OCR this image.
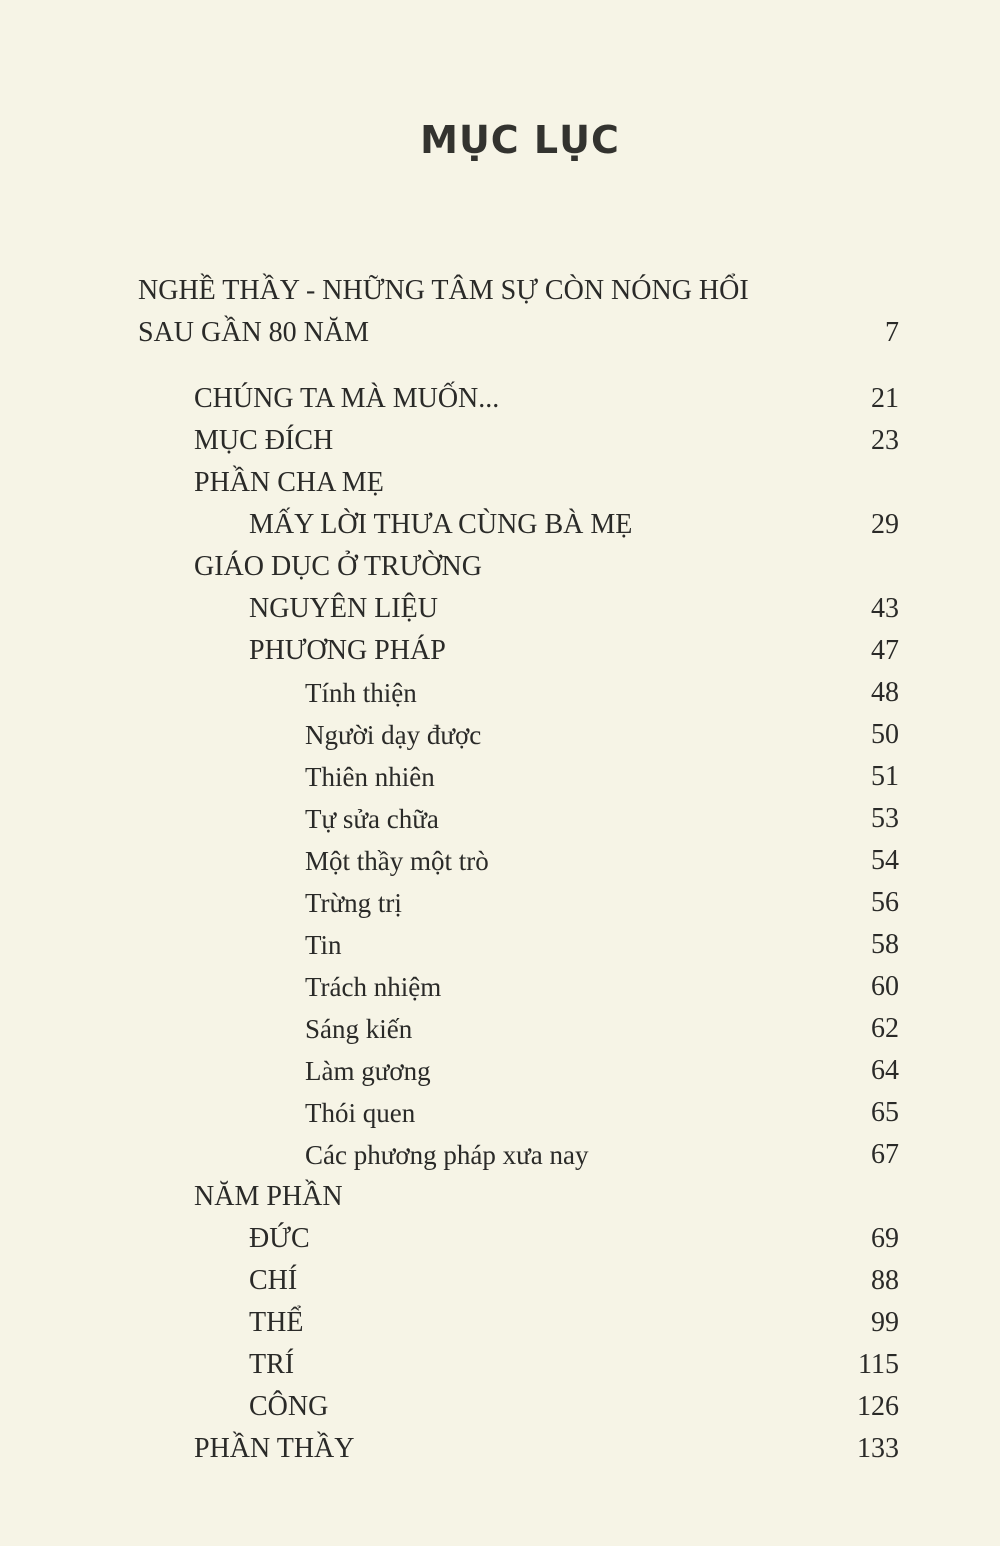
MỤC LỤC
NGHỀ THẦY - NHỮNG TÂM SỰ CÒN NÓNG HỔI
SAU GẦN 80 NĂM	7
CHÚNG TA MÀ MUỐN...	21
MỤC ĐÍCH	23
PHẦN CHA MẸ
MẤY LỜI THƯA CÙNG BÀ MẸ	29
GIÁO DỤC Ở TRƯỜNG
NGUYÊN LIỆU	43
PHƯƠNG PHÁP	47
Tính thiện	48
Người dạy được	50
Thiên nhiên	51
Tự sửa chữa	53
Một thầy một trò	54
Trừng trị	56
Tin	58
Trách nhiệm	60
Sáng kiến	62
Làm gương	64
Thói quen	65
Các phương pháp xưa nay	67
NĂM PHẦN
ĐỨC	69
CHÍ	88
THỂ	99
TRÍ	115
CÔNG	126
PHẦN THẦY	133
